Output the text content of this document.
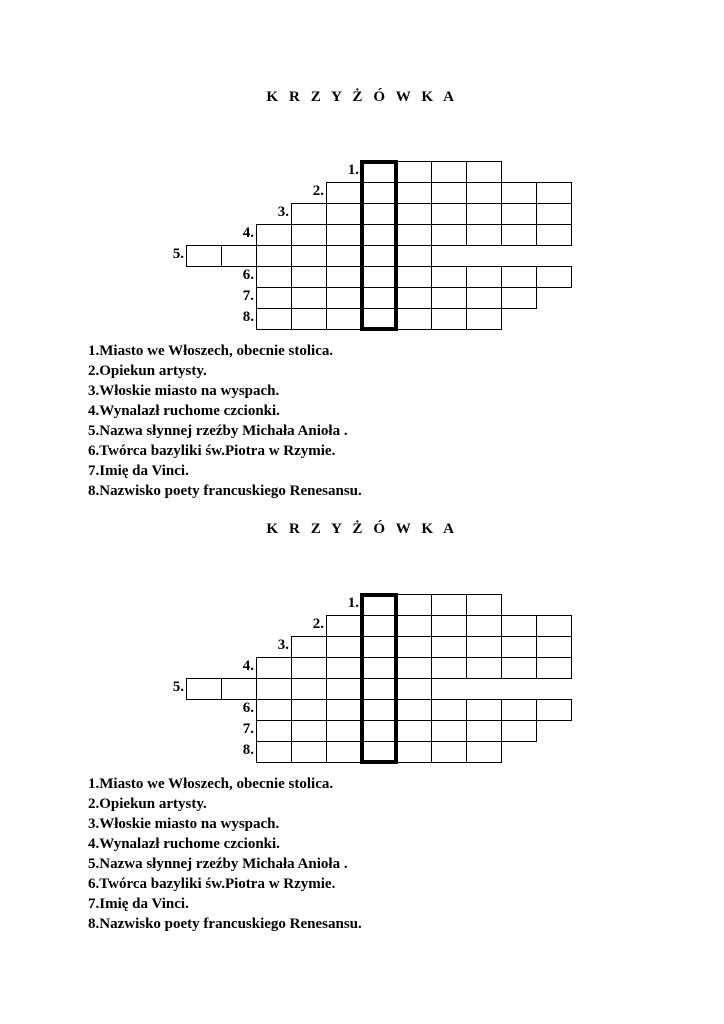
K R Z Y Ż Ó W K A
1.
2.
3.
4.
5.
6.
7.
8.
1.Miasto we Włoszech, obecnie stolica.
2.Opiekun artysty.
3.Włoskie miasto na wyspach.
4.Wynalazł ruchome czcionki.
5.Nazwa słynnej rzeźby Michała Anioła .
6.Twórca bazyliki św.Piotra w Rzymie.
7.Imię da Vinci.
8.Nazwisko poety francuskiego Renesansu.
K R Z Y Ż Ó W K A
1.
2.
3.
4.
5.
6.
7.
8.
1.Miasto we Włoszech, obecnie stolica.
2.Opiekun artysty.
3.Włoskie miasto na wyspach.
4.Wynalazł ruchome czcionki.
5.Nazwa słynnej rzeźby Michała Anioła .
6.Twórca bazyliki św.Piotra w Rzymie.
7.Imię da Vinci.
8.Nazwisko poety francuskiego Renesansu.
